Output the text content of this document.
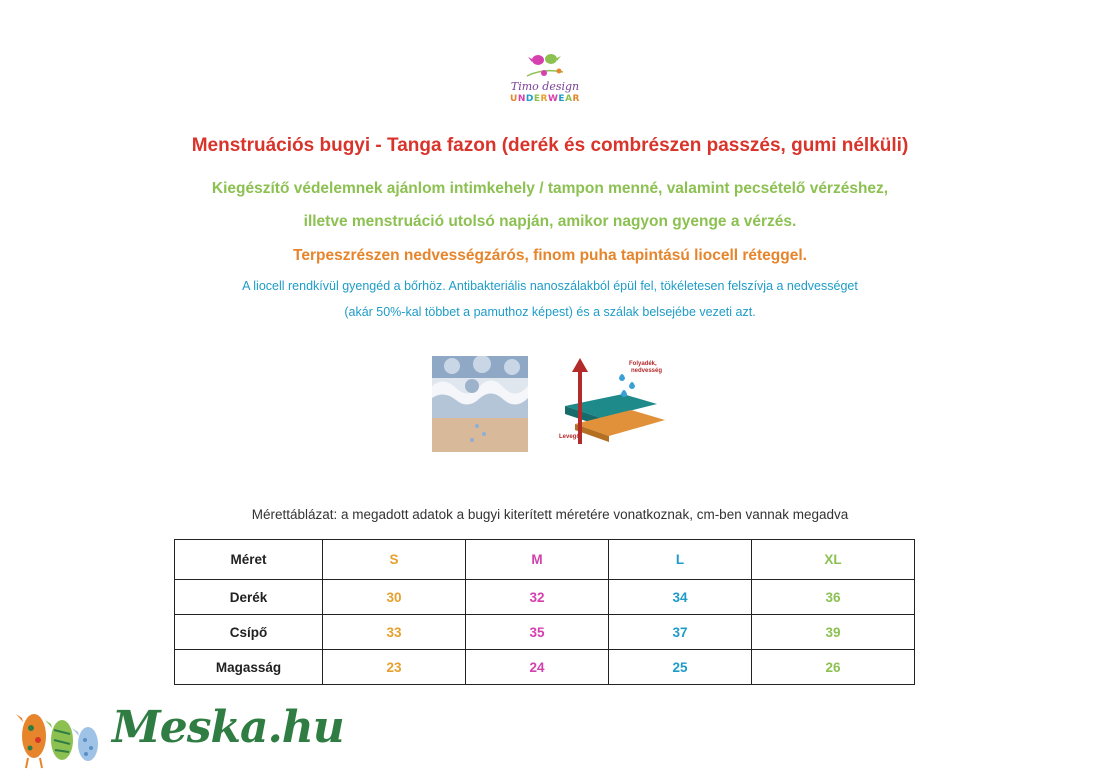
Timo design
UNDERWEAR
Menstruációs bugyi - Tanga fazon (derék és combrészen passzés, gumi nélküli)
Kiegészítő védelemnek ajánlom intimkehely / tampon menné, valamint pecsételő vérzéshez,
illetve menstruáció utolsó napján, amikor nagyon gyenge a vérzés.
Terpeszrészen nedvességzárós, finom puha tapintású liocell réteggel.
A liocell rendkívül gyengéd a bőrhöz. Antibakteriális nanoszálakból épül fel, tökéletesen felszívja a nedvességet
(akár 50%-kal többet a pamuthoz képest) és a szálak belsejébe vezeti azt.
Folyadék,
nedvesség
Levegő
Mérettáblázat: a megadott adatok a bugyi kiterített méretére vonatkoznak, cm-ben vannak megadva
Méret	S	M	L	XL
Derék	30	32	34	36
Csípő	33	35	37	39
Magasság	23	24	25	26
Meska.hu
